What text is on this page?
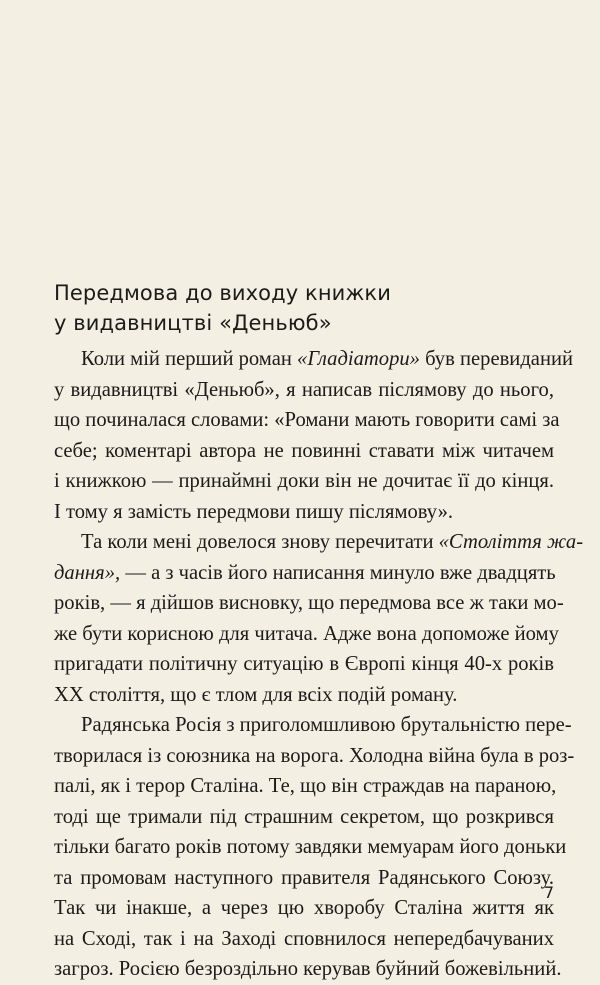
Передмова до виходу книжки
у видавництві «Деньюб»

Коли мій перший роман «Гладіатори» був перевиданий
у видавництві «Деньюб», я написав післямову до нього,
що починалася словами: «Романи мають говорити самі за
себе; коментарі автора не повинні ставати між читачем
і книжкою — принаймні доки він не дочитає її до кінця.
І тому я замість передмови пишу післямову».

Та коли мені довелося знову перечитати «Століття жа-
дання», — а з часів його написання минуло вже двадцять
років, — я дійшов висновку, що передмова все ж таки мо-
же бути корисною для читача. Адже вона допоможе йому
пригадати політичну ситуацію в Європі кінця 40-х років
XX століття, що є тлом для всіх подій роману.

Радянська Росія з приголомшливою брутальністю пере-
творилася із союзника на ворога. Холодна війна була в роз-
палі, як і терор Сталіна. Те, що він страждав на параною,
тоді ще тримали під страшним секретом, що розкрився
тільки багато років потому завдяки мемуарам його доньки
та промовам наступного правителя Радянського Союзу.
Так чи інакше, а через цю хворобу Сталіна життя як
на Сході, так і на Заході сповнилося непередбачуваних
загроз. Росією безроздільно керував буйний божевільний.

7
